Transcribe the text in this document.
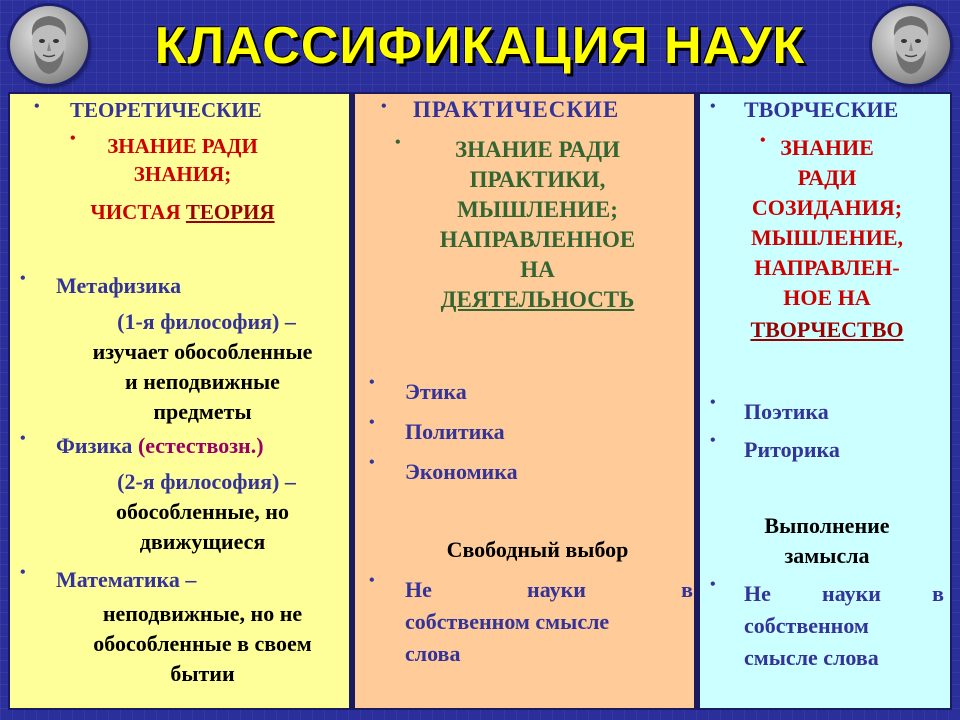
КЛАССИФИКАЦИЯ НАУК
• ТЕОРЕТИЧЕСКИЕ
•	ЗНАНИЕ РАДИ
ЗНАНИЯ;
ЧИСТАЯ ТЕОРИЯ
• Метафизика
(1-я философия) –
изучает обособленные
и неподвижные
предметы
• Физика (естествозн.)
(2-я философия) –
обособленные, но
движущиеся
• Математика –
неподвижные, но не
обособленные в своем
бытии
• ПРАКТИЧЕСКИЕ
•	ЗНАНИЕ РАДИ
ПРАКТИКИ,
МЫШЛЕНИЕ;
НАПРАВЛЕННОЕ
НА
ДЕЯТЕЛЬНОСТЬ
• Этика
• Политика
• Экономика
Свободный выбор
• Не науки в
собственном смысле
слова
• ТВОРЧЕСКИЕ
• ЗНАНИЕ
РАДИ
СОЗИДАНИЯ;
МЫШЛЕНИЕ,
НАПРАВЛЕН-
НОЕ НА
ТВОРЧЕСТВО
• Поэтика
• Риторика
Выполнение
замысла
• Не науки в
собственном
смысле слова
